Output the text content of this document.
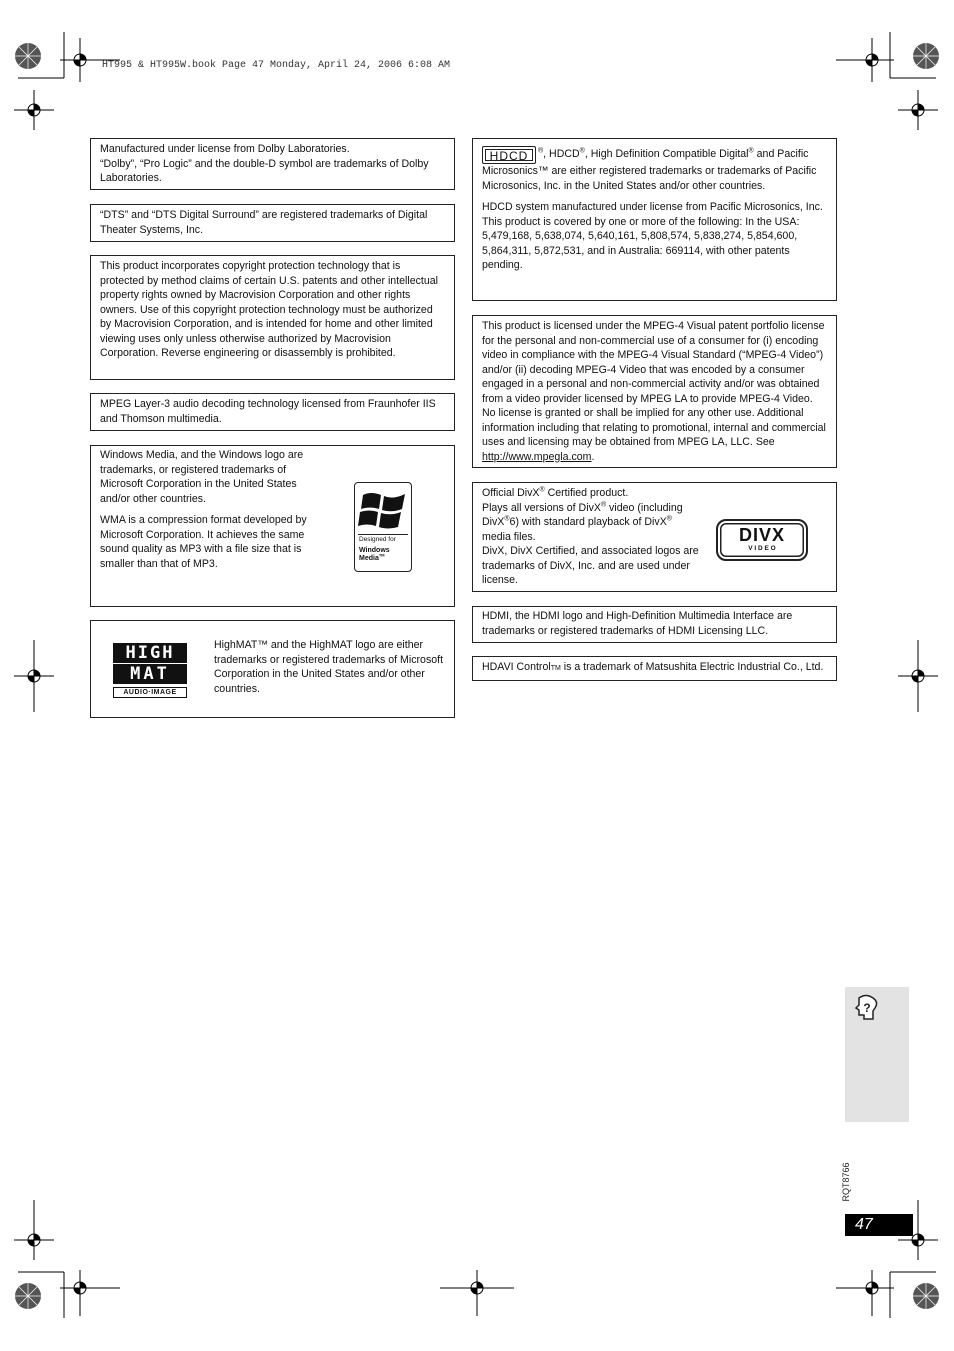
HT995 & HT995W.book Page 47 Monday, April 24, 2006 6:08 AM

Manufactured under license from Dolby Laboratories.

“Dolby”, “Pro Logic” and the double-D symbol are trademarks of Dolby Laboratories.

“DTS” and “DTS Digital Surround” are registered trademarks of Digital Theater Systems, Inc.

This product incorporates copyright protection technology that is protected by method claims of certain U.S. patents and other intellectual property rights owned by Macrovision Corporation and other rights owners. Use of this copyright protection technology must be authorized by Macrovision Corporation, and is intended for home and other limited viewing uses only unless otherwise authorized by Macrovision Corporation. Reverse engineering or disassembly is prohibited.

MPEG Layer-3 audio decoding technology licensed from Fraunhofer IIS and Thomson multimedia.

Windows Media, and the Windows logo are trademarks, or registered trademarks of Microsoft Corporation in the United States and/or other countries.

WMA is a compression format developed by Microsoft Corporation. It achieves the same sound quality as MP3 with a file size that is smaller than that of MP3.

Designed for
Windows
Media™
HIGH
MAT
AUDIO·IMAGE

HighMAT™ and the HighMAT logo are either trademarks or registered trademarks of Microsoft Corporation in the United States and/or other countries.

HDCD ®, HDCD®, High Definition Compatible Digital® and Pacific Microsonics™ are either registered trademarks or trademarks of Pacific Microsonics, Inc. in the United States and/or other countries.

HDCD system manufactured under license from Pacific Microsonics, Inc. This product is covered by one or more of the following: In the USA: 5,479,168, 5,638,074, 5,640,161, 5,808,574, 5,838,274, 5,854,600, 5,864,311, 5,872,531, and in Australia: 669114, with other patents pending.

This product is licensed under the MPEG-4 Visual patent portfolio license for the personal and non-commercial use of a consumer for (i) encoding video in compliance with the MPEG-4 Visual Standard (“MPEG-4 Video”) and/or (ii) decoding MPEG-4 Video that was encoded by a consumer engaged in a personal and non-commercial activity and/or was obtained from a video provider licensed by MPEG LA to provide MPEG-4 Video. No license is granted or shall be implied for any other use. Additional information including that relating to promotional, internal and commercial uses and licensing may be obtained from MPEG LA, LLC. See http://www.mpegla.com.

Official DivX® Certified product.

Plays all versions of DivX® video (including DivX®6) with standard playback of DivX® media files.

DivX, DivX Certified, and associated logos are trademarks of DivX, Inc. and are used under license.

DIVX
V I D E O

HDMI, the HDMI logo and High-Definition Multimedia Interface are trademarks or registered trademarks of HDMI Licensing LLC.

HDAVI ControlTM is a trademark of Matsushita Electric Industrial Co., Ltd.

?
RQT8766
47
